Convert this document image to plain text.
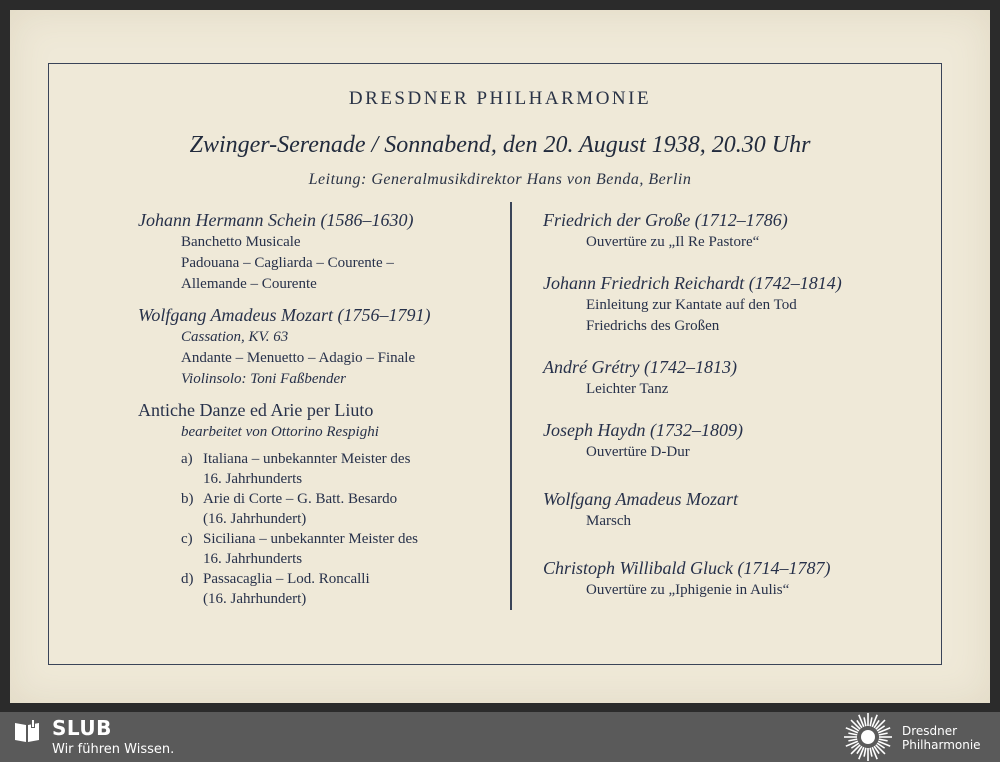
DRESDNER PHILHARMONIE
Zwinger-Serenade / Sonnabend, den 20. August 1938, 20.30 Uhr
Leitung: Generalmusikdirektor Hans von Benda, Berlin
Johann Hermann Schein (1586–1630)
Banchetto Musicale
Padouana – Cagliarda – Courente –
Allemande – Courente
Wolfgang Amadeus Mozart (1756–1791)
Cassation, KV. 63
Andante – Menuetto – Adagio – Finale
Violinsolo: Toni Faßbender
Antiche Danze ed Arie per Liuto
bearbeitet von Ottorino Respighi
a) Italiana – unbekannter Meister des
16. Jahrhunderts
b) Arie di Corte – G. Batt. Besardo
(16. Jahrhundert)
c) Siciliana – unbekannter Meister des
16. Jahrhunderts
d) Passacaglia – Lod. Roncalli
(16. Jahrhundert)
Friedrich der Große (1712–1786)
Ouvertüre zu „Il Re Pastore“
Johann Friedrich Reichardt (1742–1814)
Einleitung zur Kantate auf den Tod
Friedrichs des Großen
André Grétry (1742–1813)
Leichter Tanz
Joseph Haydn (1732–1809)
Ouvertüre D-Dur
Wolfgang Amadeus Mozart
Marsch
Christoph Willibald Gluck (1714–1787)
Ouvertüre zu „Iphigenie in Aulis“
SLUB
Wir führen Wissen.
Dresdner
Philharmonie
